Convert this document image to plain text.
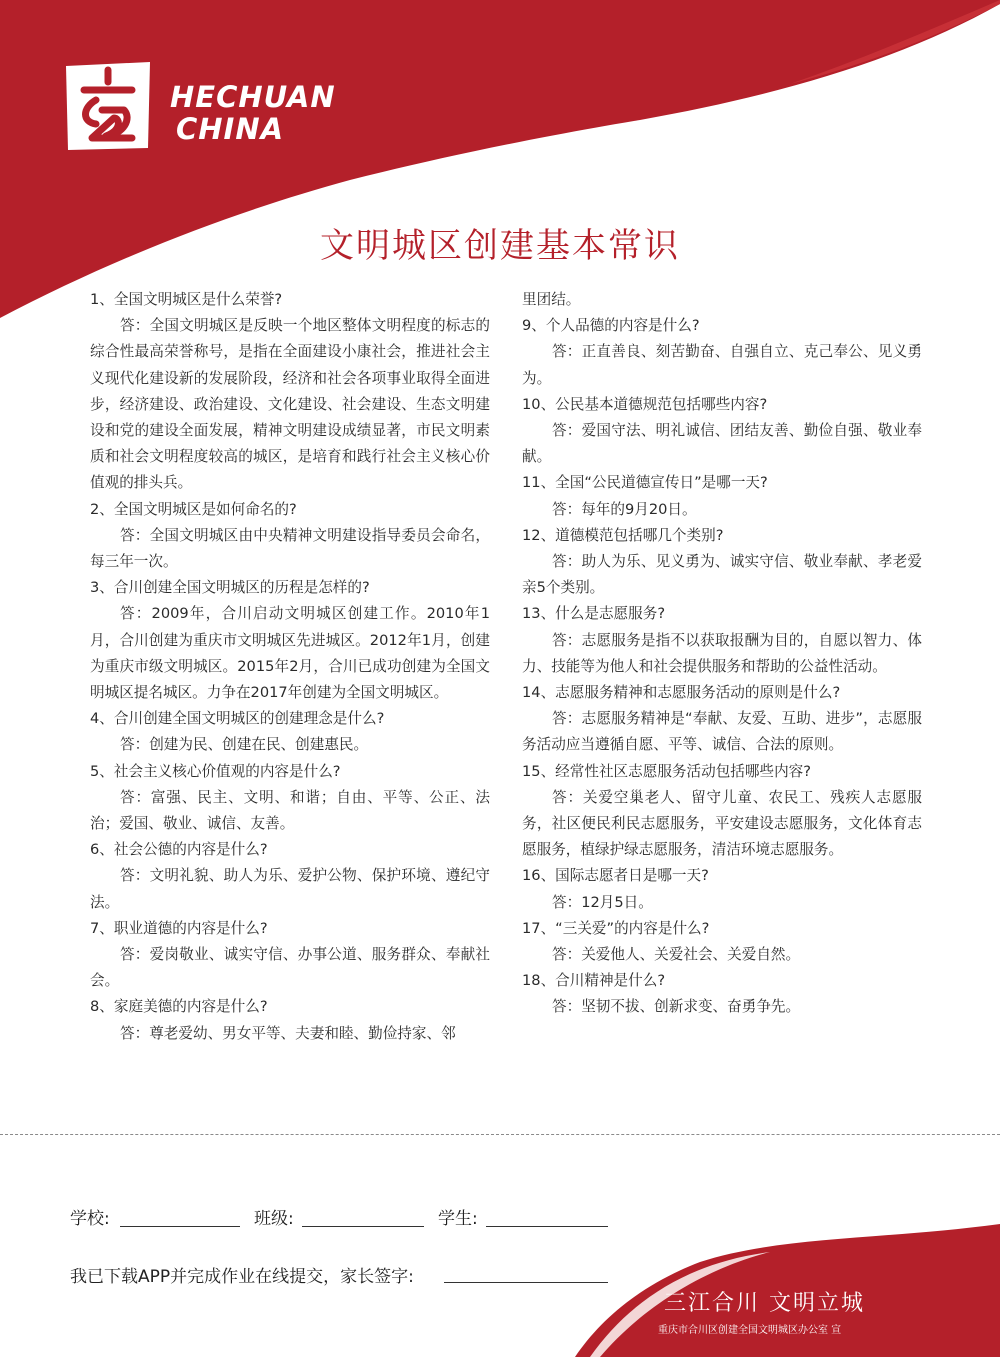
HECHUAN
CHINA
文明城区创建基本常识

1、全国文明城区是什么荣誉?

答：全国文明城区是反映一个地区整体文明程度的标志的综合性最高荣誉称号，是指在全面建设小康社会，推进社会主义现代化建设新的发展阶段，经济和社会各项事业取得全面进步，经济建设、政治建设、文化建设、社会建设、生态文明建设和党的建设全面发展，精神文明建设成绩显著，市民文明素质和社会文明程度较高的城区，是培育和践行社会主义核心价值观的排头兵。

2、全国文明城区是如何命名的?

答：全国文明城区由中央精神文明建设指导委员会命名，每三年一次。

3、合川创建全国文明城区的历程是怎样的?

答：2009年，合川启动文明城区创建工作。2010年1月，合川创建为重庆市文明城区先进城区。2012年1月，创建为重庆市级文明城区。2015年2月，合川已成功创建为全国文明城区提名城区。力争在2017年创建为全国文明城区。

4、合川创建全国文明城区的创建理念是什么?

答：创建为民、创建在民、创建惠民。

5、社会主义核心价值观的内容是什么?

答：富强、民主、文明、和谐；自由、平等、公正、法治；爱国、敬业、诚信、友善。

6、社会公德的内容是什么?

答：文明礼貌、助人为乐、爱护公物、保护环境、遵纪守法。

7、职业道德的内容是什么?

答：爱岗敬业、诚实守信、办事公道、服务群众、奉献社会。

8、家庭美德的内容是什么?

答：尊老爱幼、男女平等、夫妻和睦、勤俭持家、邻

里团结。

9、个人品德的内容是什么?

答：正直善良、刻苦勤奋、自强自立、克己奉公、见义勇为。

10、公民基本道德规范包括哪些内容?

答：爱国守法、明礼诚信、团结友善、勤俭自强、敬业奉献。

11、全国“公民道德宣传日”是哪一天?

答：每年的9月20日。

12、道德模范包括哪几个类别?

答：助人为乐、见义勇为、诚实守信、敬业奉献、孝老爱亲5个类别。

13、什么是志愿服务?

答：志愿服务是指不以获取报酬为目的，自愿以智力、体力、技能等为他人和社会提供服务和帮助的公益性活动。

14、志愿服务精神和志愿服务活动的原则是什么?

答：志愿服务精神是“奉献、友爱、互助、进步”，志愿服务活动应当遵循自愿、平等、诚信、合法的原则。

15、经常性社区志愿服务活动包括哪些内容?

答：关爱空巢老人、留守儿童、农民工、残疾人志愿服务，社区便民利民志愿服务，平安建设志愿服务，文化体育志愿服务，植绿护绿志愿服务，清洁环境志愿服务。

16、国际志愿者日是哪一天?

答：12月5日。

17、“三关爱”的内容是什么?

答：关爱他人、关爱社会、关爱自然。

18、合川精神是什么?

答：坚韧不拔、创新求变、奋勇争先。

学校:	班级:	学生:
我已下载APP并完成作业在线提交，家长签字:
三江合川 文明立城
重庆市合川区创建全国文明城区办公室 宣
